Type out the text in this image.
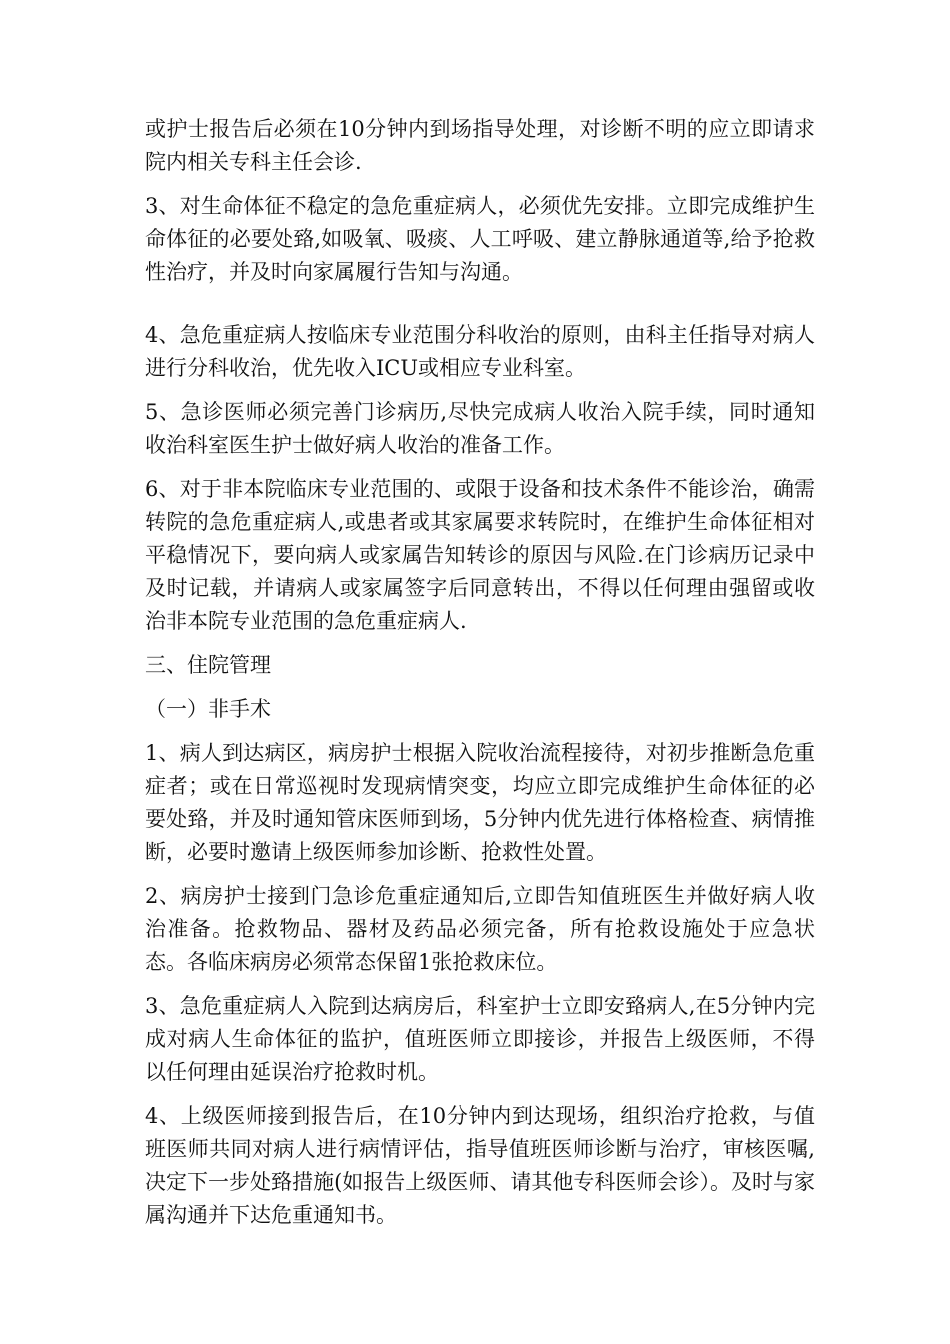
或护士报告后必须在10分钟内到场指导处理，对诊断不明的应立即请求院内相关专科主任会诊.

3、对生命体征不稳定的急危重症病人，必须优先安排。立即完成维护生命体征的必要处臵,如吸氧、吸痰、人工呼吸、建立静脉通道等,给予抢救性治疗，并及时向家属履行告知与沟通。

4、急危重症病人按临床专业范围分科收治的原则，由科主任指导对病人进行分科收治，优先收入ICU或相应专业科室。

5、急诊医师必须完善门诊病历,尽快完成病人收治入院手续，同时通知收治科室医生护士做好病人收治的准备工作。

6、对于非本院临床专业范围的、或限于设备和技术条件不能诊治，确需转院的急危重症病人,或患者或其家属要求转院时，在维护生命体征相对平稳情况下，要向病人或家属告知转诊的原因与风险.在门诊病历记录中及时记载，并请病人或家属签字后同意转出，不得以任何理由强留或收治非本院专业范围的急危重症病人.

三、住院管理

（一）非手术

1、病人到达病区，病房护士根据入院收治流程接待，对初步推断急危重症者；或在日常巡视时发现病情突变，均应立即完成维护生命体征的必要处臵，并及时通知管床医师到场，5分钟内优先进行体格检查、病情推断，必要时邀请上级医师参加诊断、抢救性处置。

2、病房护士接到门急诊危重症通知后,立即告知值班医生并做好病人收治准备。抢救物品、器材及药品必须完备，所有抢救设施处于应急状态。各临床病房必须常态保留1张抢救床位。

3、急危重症病人入院到达病房后，科室护士立即安臵病人,在5分钟内完成对病人生命体征的监护，值班医师立即接诊，并报告上级医师，不得以任何理由延误治疗抢救时机。

4、上级医师接到报告后，在10分钟内到达现场，组织治疗抢救，与值班医师共同对病人进行病情评估，指导值班医师诊断与治疗，审核医嘱,决定下一步处臵措施(如报告上级医师、请其他专科医师会诊）。及时与家属沟通并下达危重通知书。
